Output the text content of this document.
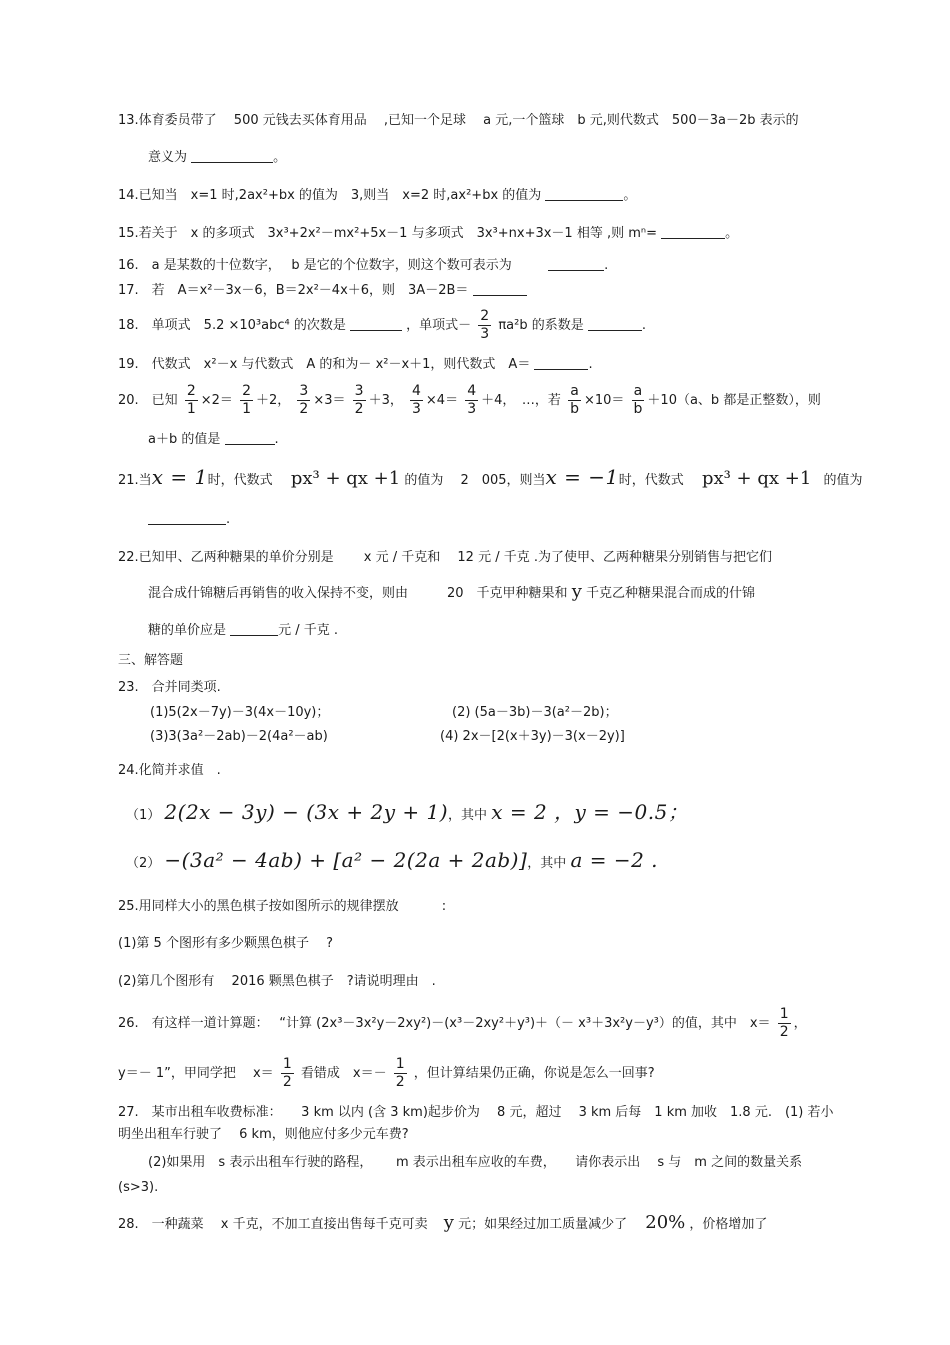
13.体育委员带了　 500 元钱去买体育用品　 ,已知一个足球　 a 元,一个篮球　b 元,则代数式　500－3a－2b 表示的
意义为	。
14.已知当　x=1 时,2ax²+bx 的值为　3,则当　x=2 时,ax²+bx 的值为	。
15.若关于　x 的多项式　3x³+2x²－mx²+5x－1 与多项式　3x³+nx+3x－1 相等 ,则 mⁿ=	。
16.　a 是某数的十位数字，　 b 是它的个位数字，则这个数可表示为	.
17.　若　A＝x²－3x－6，B＝2x²－4x＋6，则　3A－2B＝
18.　单项式　5.2 ×10³abc⁴ 的次数是	，单项式－ $\frac{2}{3} \pi a^2b$ 的系数是	.
19.　代数式　x²－x 与代数式　A 的和为－ x²－x＋1，则代数式　A＝	.
20.　已知 $\frac{2}{1} \times 2= \frac{2}{1} +2$， $\frac{3}{2} \times 3= \frac{3}{2} +3$， $\frac{4}{3} \times 4= \frac{4}{3} +4$，　…，若 $\frac{a}{b} \times 10= \frac{a}{b} +10(a$、b 都是正整数），则
a＋b 的值是	.
21.当x = 1时，代数式 px³ + qx +1 的值为　 2　005，则当x = −1时，代数式 px³ + qx +1 的值为
.
22.已知甲、乙两种糖果的单价分别是　　 x 元 / 千克和　 12 元 / 千克 .为了使甲、乙两种糖果分别销售与把它们
混合成什锦糖后再销售的收入保持不变，则由　　　20　千克甲种糖果和 y 千克乙种糖果混合而成的什锦
糖的单价应是	元 / 千克 .
三、解答题
23.　合并同类项.
(1)5(2x－7y)－3(4x－10y)；	(2) (5a－3b)－3(a²－2b)；
(3)3(3a²－2ab)－2(4a²－ab)	(4) 2x－[2(x＋3y)－3(x－2y)]
24.化简并求值　.
（1） 2(2x − 3y) − (3x + 2y + 1)，其中 x = 2 ，y = −0.5；
（2） −(3a² − 4ab) + [a² − 2(2a + 2ab)]，其中 a = −2 .
25.用同样大小的黑色棋子按如图所示的规律摆放　　　 :
(1)第 5 个图形有多少颗黑色棋子　 ?
(2)第几个图形有　 2016 颗黑色棋子　?请说明理由　.
26.　有这样一道计算题：　 “计算 (2x³－3x²y－2xy²)－(x³－2xy²＋y³)＋（－ x³＋3x²y－y³）的值，其中　$x= \frac{1}{2}$ ，
y＝－ 1”，甲同学把　 $x= \frac{1}{2}$ 看错成　$x=- \frac{1}{2}$ ，但计算结果仍正确，你说是怎么一回事?
27.　某市出租车收费标准：　　3 km 以内 (含 3 km)起步价为　 8 元，超过　 3 km 后每　1 km 加收　1.8 元.　(1) 若小
明坐出租车行驶了　 6 km，则他应付多少元车费?
(2)如果用　s 表示出租车行驶的路程，　　 m 表示出租车应收的车费，　　请你表示出　 s 与　m 之间的数量关系
(s>3).
28.　一种蔬菜　 x 千克，不加工直接出售每千克可卖 y 元；如果经过加工质量减少了 20% ，价格增加了
